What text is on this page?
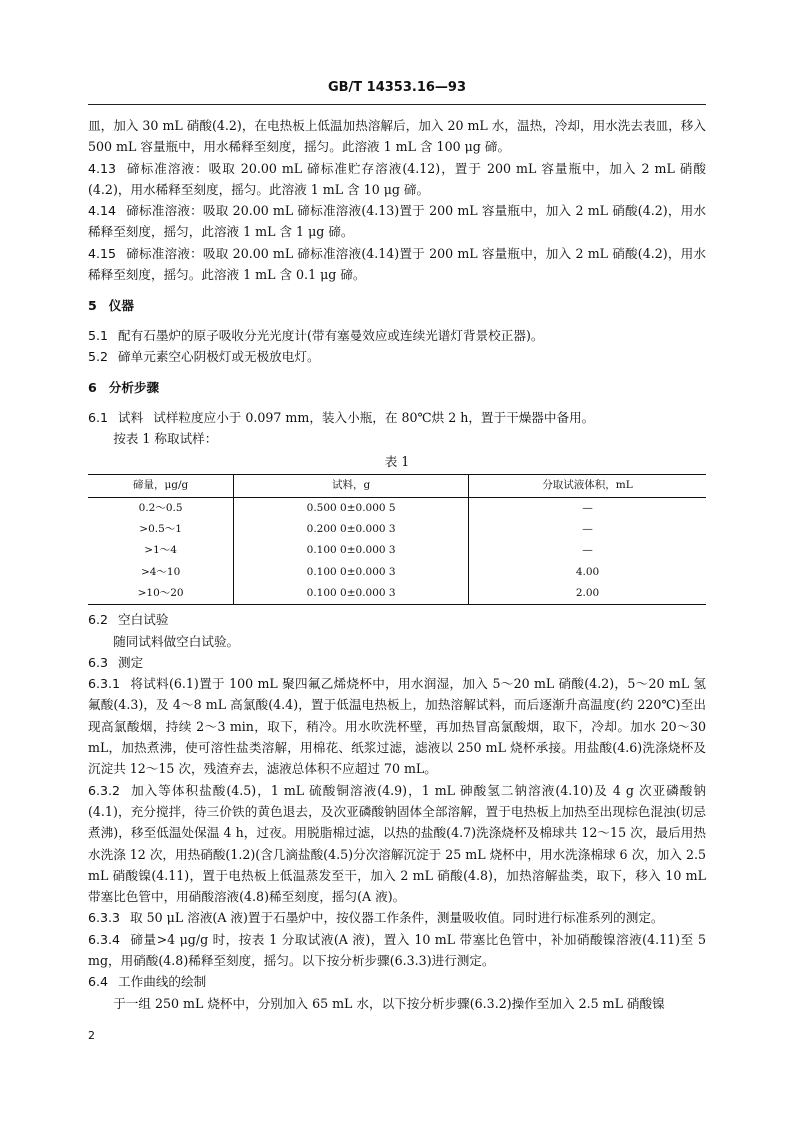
GB/T 14353.16—93

皿，加入 30 mL 硝酸(4.2)，在电热板上低温加热溶解后，加入 20 mL 水，温热，冷却，用水洗去表皿，移入 500 mL 容量瓶中，用水稀释至刻度，摇匀。此溶液 1 mL 含 100 μg 碲。

4.13 碲标准溶液：吸取 20.00 mL 碲标准贮存溶液(4.12)，置于 200 mL 容量瓶中，加入 2 mL 硝酸(4.2)，用水稀释至刻度，摇匀。此溶液 1 mL 含 10 μg 碲。

4.14 碲标准溶液：吸取 20.00 mL 碲标准溶液(4.13)置于 200 mL 容量瓶中，加入 2 mL 硝酸(4.2)，用水稀释至刻度，摇匀，此溶液 1 mL 含 1 μg 碲。

4.15 碲标准溶液：吸取 20.00 mL 碲标准溶液(4.14)置于 200 mL 容量瓶中，加入 2 mL 硝酸(4.2)，用水稀释至刻度，摇匀。此溶液 1 mL 含 0.1 μg 碲。

5 仪器

5.1 配有石墨炉的原子吸收分光光度计(带有塞曼效应或连续光谱灯背景校正器)。

5.2 碲单元素空心阴极灯或无极放电灯。

6 分析步骤

6.1 试料 试样粒度应小于 0.097 mm，装入小瓶，在 80℃烘 2 h，置于干燥器中备用。

按表 1 称取试样：

表 1
碲量，μg/g	试料，g	分取试液体积，mL
0.2～0.5	0.500 0±0.000 5	—
>0.5～1	0.200 0±0.000 3	—
>1～4	0.100 0±0.000 3	—
>4～10	0.100 0±0.000 3	4.00
>10～20	0.100 0±0.000 3	2.00

6.2 空白试验

随同试料做空白试验。

6.3 测定

6.3.1 将试料(6.1)置于 100 mL 聚四氟乙烯烧杯中，用水润湿，加入 5～20 mL 硝酸(4.2)，5～20 mL 氢氟酸(4.3)，及 4～8 mL 高氯酸(4.4)，置于低温电热板上，加热溶解试料，而后逐渐升高温度(约 220℃)至出现高氯酸烟，持续 2～3 min，取下，稍冷。用水吹洗杯壁，再加热冒高氯酸烟，取下，冷却。加水 20～30 mL，加热煮沸，使可溶性盐类溶解，用棉花、纸浆过滤，滤液以 250 mL 烧杯承接。用盐酸(4.6)洗涤烧杯及沉淀共 12～15 次，残渣弃去，滤液总体积不应超过 70 mL。

6.3.2 加入等体积盐酸(4.5)，1 mL 硫酸铜溶液(4.9)，1 mL 砷酸氢二钠溶液(4.10)及 4 g 次亚磷酸钠(4.1)，充分搅拌，待三价铁的黄色退去，及次亚磷酸钠固体全部溶解，置于电热板上加热至出现棕色混浊(切忌煮沸)，移至低温处保温 4 h，过夜。用脱脂棉过滤，以热的盐酸(4.7)洗涤烧杯及棉球共 12～15 次，最后用热水洗涤 12 次，用热硝酸(1.2)(含几滴盐酸(4.5)分次溶解沉淀于 25 mL 烧杯中，用水洗涤棉球 6 次，加入 2.5 mL 硝酸镍(4.11)，置于电热板上低温蒸发至干，加入 2 mL 硝酸(4.8)，加热溶解盐类，取下，移入 10 mL 带塞比色管中，用硝酸溶液(4.8)稀至刻度，摇匀(A 液)。

6.3.3 取 50 μL 溶液(A 液)置于石墨炉中，按仪器工作条件，测量吸收值。同时进行标准系列的测定。

6.3.4 碲量>4 μg/g 时，按表 1 分取试液(A 液)，置入 10 mL 带塞比色管中，补加硝酸镍溶液(4.11)至 5 mg，用硝酸(4.8)稀释至刻度，摇匀。以下按分析步骤(6.3.3)进行测定。

6.4 工作曲线的绘制

于一组 250 mL 烧杯中，分别加入 65 mL 水，以下按分析步骤(6.3.2)操作至加入 2.5 mL 硝酸镍

2
